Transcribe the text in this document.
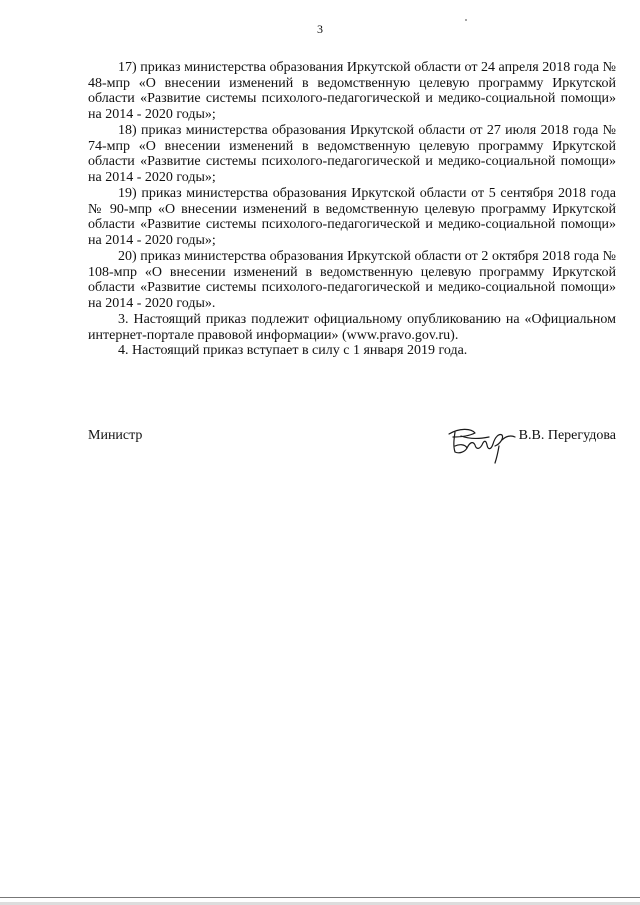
3

17) приказ министерства образования Иркутской области от 24 апреля 2018 года № 48-мпр «О внесении изменений в ведомственную целевую программу Иркутской области «Развитие системы психолого-педагогической и медико-социальной помощи» на 2014 - 2020 годы»;

18) приказ министерства образования Иркутской области от 27 июля 2018 года № 74-мпр «О внесении изменений в ведомственную целевую программу Иркутской области «Развитие системы психолого-педагогической и медико-социальной помощи» на 2014 - 2020 годы»;

19) приказ министерства образования Иркутской области от 5 сентября 2018 года № 90-мпр «О внесении изменений в ведомственную целевую программу Иркутской области «Развитие системы психолого-педагогической и медико-социальной помощи» на 2014 - 2020 годы»;

20) приказ министерства образования Иркутской области от 2 октября 2018 года № 108-мпр «О внесении изменений в ведомственную целевую программу Иркутской области «Развитие системы психолого-педагогической и медико-социальной помощи» на 2014 - 2020 годы».

3. Настоящий приказ подлежит официальному опубликованию на «Официальном интернет-портале правовой информации» (www.pravo.gov.ru).

4. Настоящий приказ вступает в силу с 1 января 2019 года.

Министр	В.В. Перегудова
